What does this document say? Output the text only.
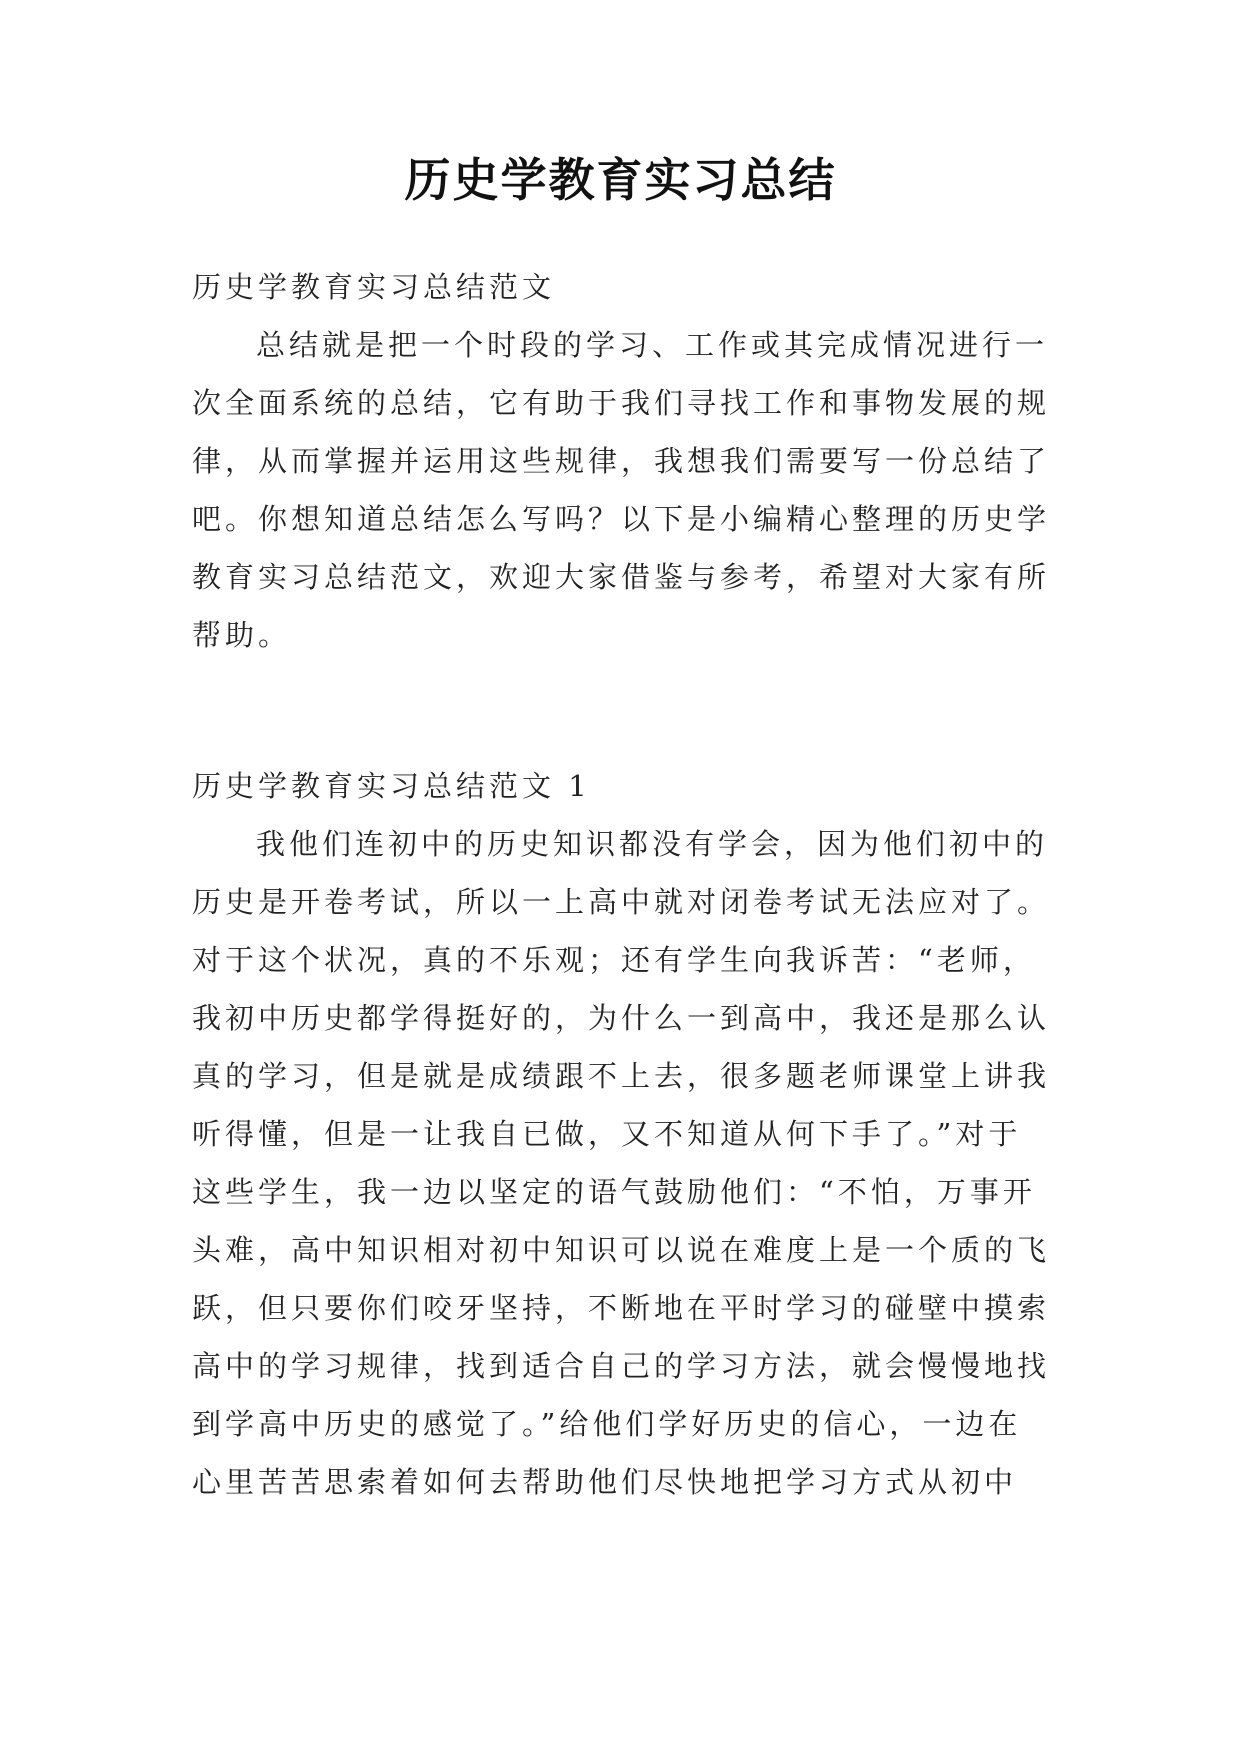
历史学教育实习总结
历史学教育实习总结范文
总结就是把一个时段的学习、工作或其完成情况进行一
次全面系统的总结，它有助于我们寻找工作和事物发展的规
律，从而掌握并运用这些规律，我想我们需要写一份总结了
吧。你想知道总结怎么写吗？以下是小编精心整理的历史学
教育实习总结范文，欢迎大家借鉴与参考，希望对大家有所
帮助。
历史学教育实习总结范文 1
我他们连初中的历史知识都没有学会，因为他们初中的
历史是开卷考试，所以一上高中就对闭卷考试无法应对了。
对于这个状况，真的不乐观；还有学生向我诉苦：“老师，
我初中历史都学得挺好的，为什么一到高中，我还是那么认
真的学习，但是就是成绩跟不上去，很多题老师课堂上讲我
听得懂，但是一让我自已做，又不知道从何下手了。”对于
这些学生，我一边以坚定的语气鼓励他们：“不怕，万事开
头难，高中知识相对初中知识可以说在难度上是一个质的飞
跃，但只要你们咬牙坚持，不断地在平时学习的碰壁中摸索
高中的学习规律，找到适合自己的学习方法，就会慢慢地找
到学高中历史的感觉了。”给他们学好历史的信心，一边在
心里苦苦思索着如何去帮助他们尽快地把学习方式从初中
